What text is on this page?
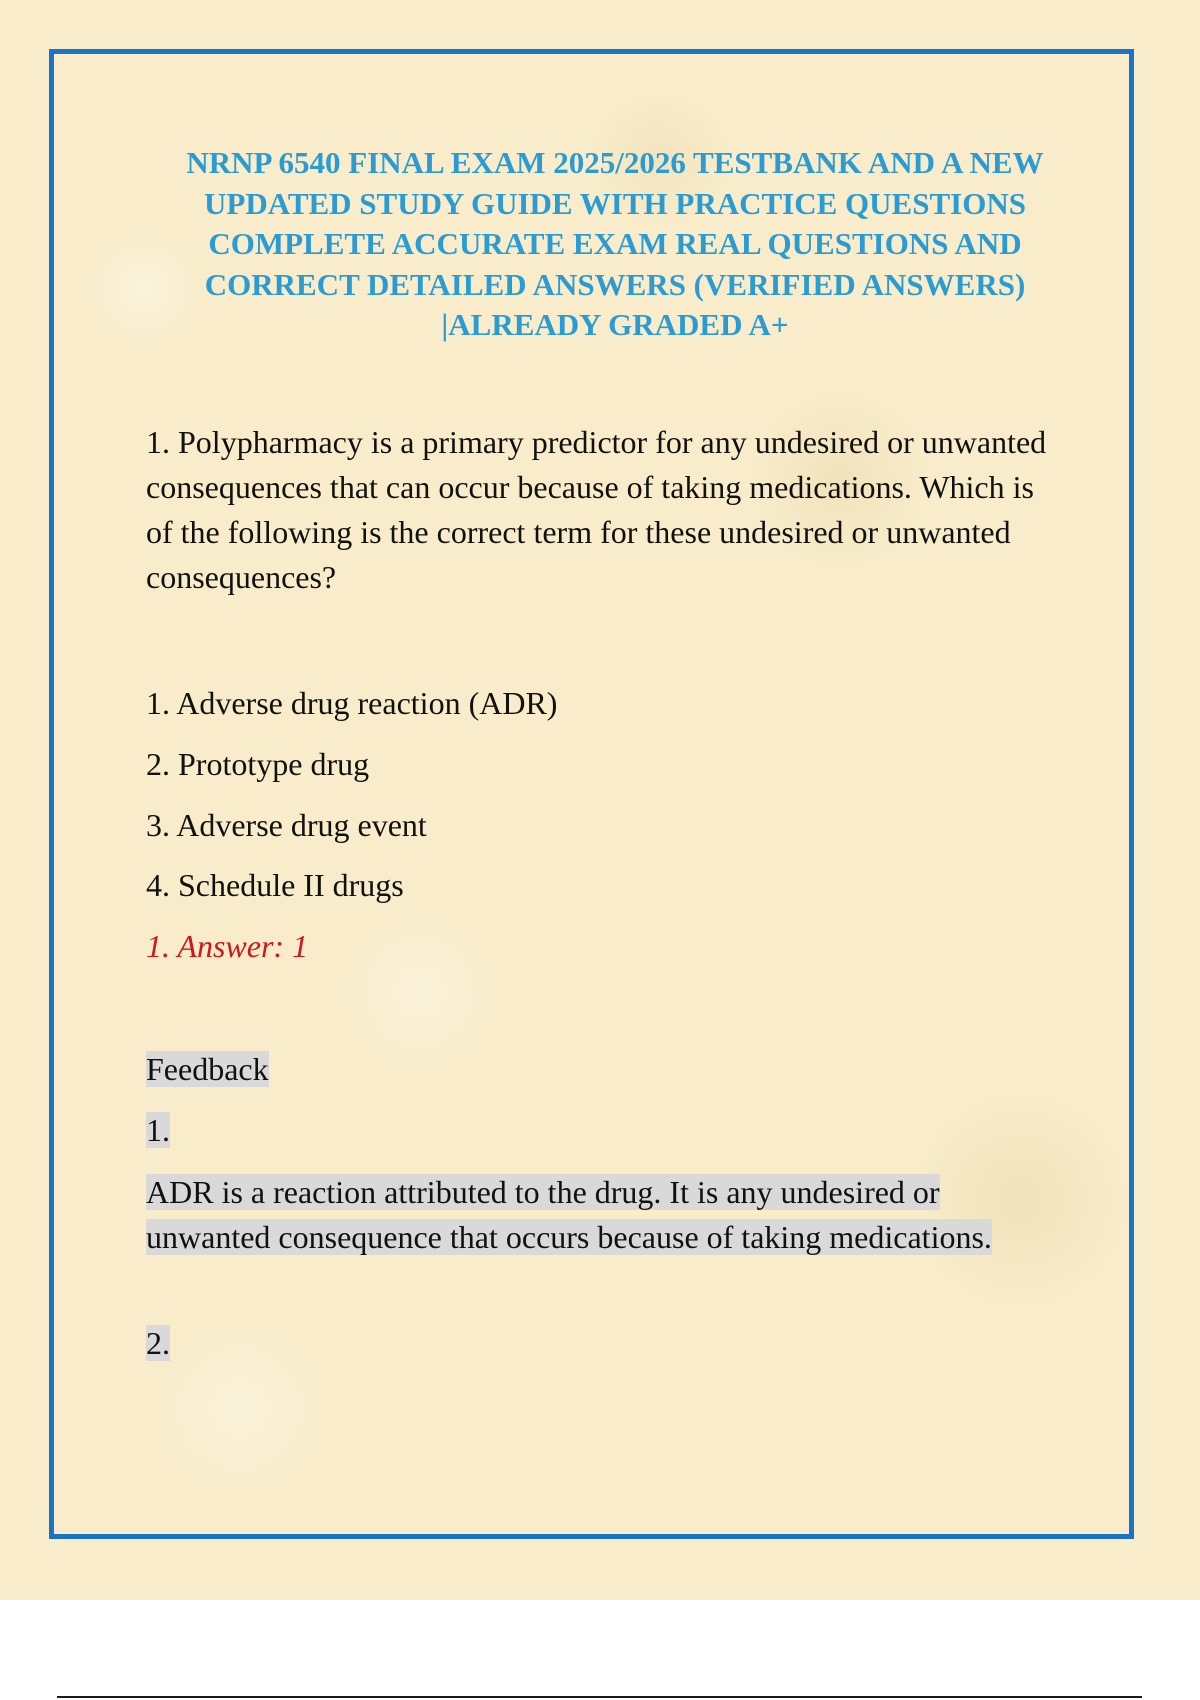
NRNP 6540 FINAL EXAM 2025/2026 TESTBANK AND A NEW UPDATED STUDY GUIDE WITH PRACTICE QUESTIONS COMPLETE ACCURATE EXAM REAL QUESTIONS AND CORRECT DETAILED ANSWERS (VERIFIED ANSWERS) |ALREADY GRADED A+

1. Polypharmacy is a primary predictor for any undesired or unwanted consequences that can occur because of taking medications. Which is of the following is the correct term for these undesired or unwanted consequences?

1. Adverse drug reaction (ADR)

2. Prototype drug

3. Adverse drug event

4. Schedule II drugs

1. Answer: 1

Feedback

1.

ADR is a reaction attributed to the drug. It is any undesired or unwanted consequence that occurs because of taking medications.

2.
